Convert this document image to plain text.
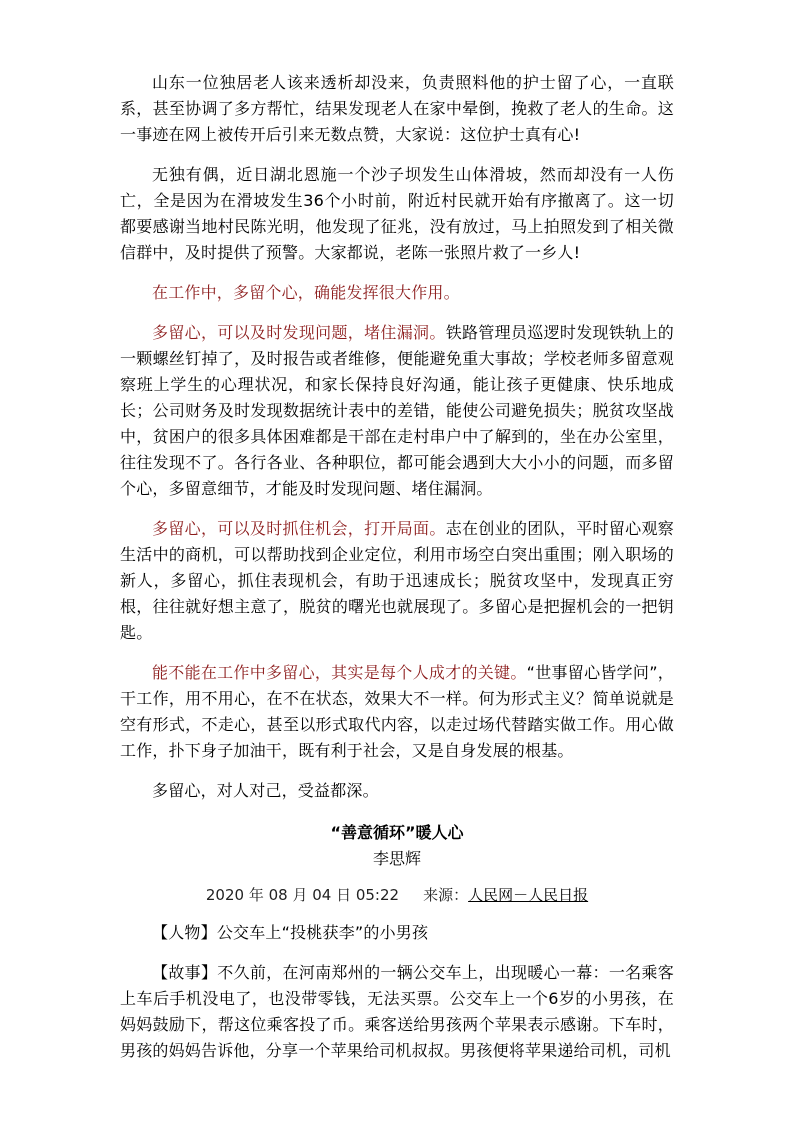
山东一位独居老人该来透析却没来，负责照料他的护士留了心，一直联系，甚至协调了多方帮忙，结果发现老人在家中晕倒，挽救了老人的生命。这一事迹在网上被传开后引来无数点赞，大家说：这位护士真有心!

无独有偶，近日湖北恩施一个沙子坝发生山体滑坡，然而却没有一人伤亡，全是因为在滑坡发生36个小时前，附近村民就开始有序撤离了。这一切都要感谢当地村民陈光明，他发现了征兆，没有放过，马上拍照发到了相关微信群中，及时提供了预警。大家都说，老陈一张照片救了一乡人!

在工作中，多留个心，确能发挥很大作用。

多留心，可以及时发现问题，堵住漏洞。铁路管理员巡逻时发现铁轨上的一颗螺丝钉掉了，及时报告或者维修，便能避免重大事故；学校老师多留意观察班上学生的心理状况，和家长保持良好沟通，能让孩子更健康、快乐地成长；公司财务及时发现数据统计表中的差错，能使公司避免损失；脱贫攻坚战中，贫困户的很多具体困难都是干部在走村串户中了解到的，坐在办公室里，往往发现不了。各行各业、各种职位，都可能会遇到大大小小的问题，而多留个心，多留意细节，才能及时发现问题、堵住漏洞。

多留心，可以及时抓住机会，打开局面。志在创业的团队，平时留心观察生活中的商机，可以帮助找到企业定位，利用市场空白突出重围；刚入职场的新人，多留心，抓住表现机会，有助于迅速成长；脱贫攻坚中，发现真正穷根，往往就好想主意了，脱贫的曙光也就展现了。多留心是把握机会的一把钥匙。

能不能在工作中多留心，其实是每个人成才的关键。“世事留心皆学问”，干工作，用不用心，在不在状态，效果大不一样。何为形式主义？简单说就是空有形式，不走心，甚至以形式取代内容，以走过场代替踏实做工作。用心做工作，扑下身子加油干，既有利于社会，又是自身发展的根基。

多留心，对人对己，受益都深。

“善意循环”暖人心
李思辉
2020 年 08 月 04 日 05:22 来源：人民网－人民日报

【人物】公交车上“投桃获李”的小男孩

【故事】不久前，在河南郑州的一辆公交车上，出现暖心一幕：一名乘客上车后手机没电了，也没带零钱，无法买票。公交车上一个6岁的小男孩，在妈妈鼓励下，帮这位乘客投了币。乘客送给男孩两个苹果表示感谢。下车时，男孩的妈妈告诉他，分享一个苹果给司机叔叔。男孩便将苹果递给司机，司机
